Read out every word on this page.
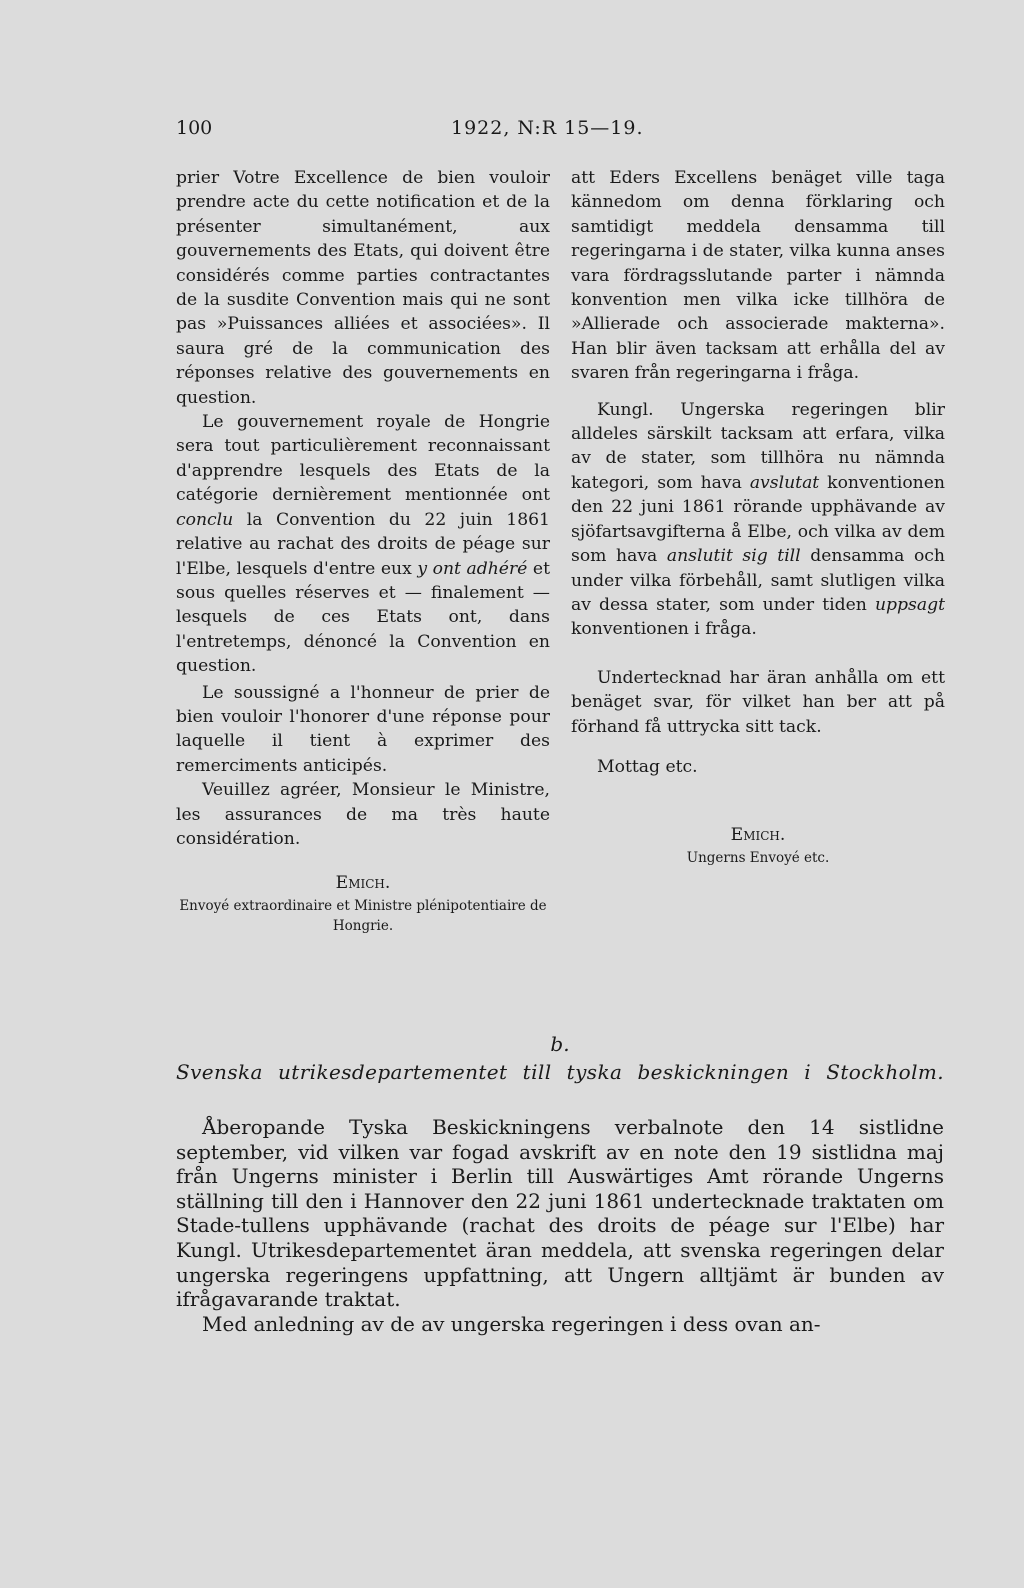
100	1922, N:R 15—19.

prier Votre Excellence de bien vouloir prendre acte du cette notification et de la présenter simultanément, aux gouvernements des Etats, qui doivent être considérés comme parties contractantes de la susdite Convention mais qui ne sont pas »Puissances alliées et associées». Il saura gré de la communication des réponses relative des gouvernements en question.

Le gouvernement royale de Hongrie sera tout particulièrement reconnaissant d'apprendre lesquels des Etats de la catégorie dernièrement mentionnée ont conclu la Convention du 22 juin 1861 relative au rachat des droits de péage sur l'Elbe, lesquels d'entre eux y ont adhéré et sous quelles réserves et — finalement — lesquels de ces Etats ont, dans l'entretemps, dénoncé la Convention en question.

Le soussigné a l'honneur de prier de bien vouloir l'honorer d'une réponse pour laquelle il tient à exprimer des remerciments anticipés.

Veuillez agréer, Monsieur le Ministre, les assurances de ma très haute considération.

Emich.
Envoyé extraordinaire et Ministre plénipotentiaire de Hongrie.

att Eders Excellens benäget ville taga kännedom om denna förklaring och samtidigt meddela densamma till regeringarna i de stater, vilka kunna anses vara fördragsslutande parter i nämnda konvention men vilka icke tillhöra de »Allierade och associerade makterna». Han blir även tacksam att erhålla del av svaren från regeringarna i fråga.

Kungl. Ungerska regeringen blir alldeles särskilt tacksam att erfara, vilka av de stater, som tillhöra nu nämnda kategori, som hava avslutat konventionen den 22 juni 1861 rörande upphävande av sjöfartsavgifterna å Elbe, och vilka av dem som hava anslutit sig till densamma och under vilka förbehåll, samt slutligen vilka av dessa stater, som under tiden uppsagt konventionen i fråga.

Undertecknad har äran anhålla om ett benäget svar, för vilket han ber att på förhand få uttrycka sitt tack.

Mottag etc.

Emich.
Ungerns Envoyé etc.
b.
Svenska utrikesdepartementet till tyska beskickningen i Stockholm.

Åberopande Tyska Beskickningens verbalnote den 14 sistlidne september, vid vilken var fogad avskrift av en note den 19 sistlidna maj från Ungerns minister i Berlin till Auswärtiges Amt rörande Ungerns ställning till den i Hannover den 22 juni 1861 undertecknade traktaten om Stade-tullens upphävande (rachat des droits de péage sur l'Elbe) har Kungl. Utrikesdepartementet äran meddela, att svenska regeringen delar ungerska regeringens uppfattning, att Ungern alltjämt är bunden av ifrågavarande traktat.

Med anledning av de av ungerska regeringen i dess ovan an-
